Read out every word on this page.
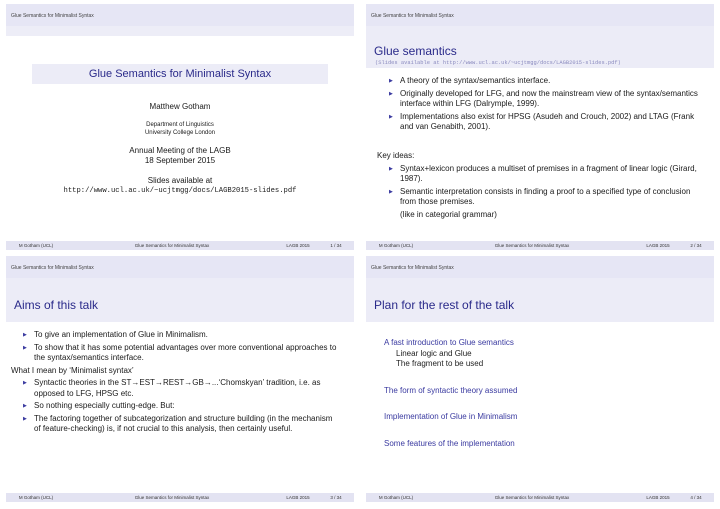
Glue Semantics for Minimalist Syntax
Glue Semantics for Minimalist Syntax
Matthew Gotham
Department of Linguistics
University College London
Annual Meeting of the LAGB
18 September 2015
Slides available at
http://www.ucl.ac.uk/~ucjtmgg/docs/LAGB2015-slides.pdf
M Gotham (UCL)	Glue Semantics for Minimalist Syntax	LAGB 2015	1 / 34
Glue Semantics for Minimalist Syntax
Glue semantics
(Slides available at http://www.ucl.ac.uk/~ucjtmgg/docs/LAGB2015-slides.pdf)
▶ A theory of the syntax/semantics interface.
▶ Originally developed for LFG, and now the mainstream view of the syntax/semantics interface within LFG (Dalrymple, 1999).
▶ Implementations also exist for HPSG (Asudeh and Crouch, 2002) and LTAG (Frank and van Genabith, 2001).
Key ideas:
▶ Syntax+lexicon produces a multiset of premises in a fragment of linear logic (Girard, 1987).
▶ Semantic interpretation consists in finding a proof to a specified type of conclusion from those premises.
(like in categorial grammar)
M Gotham (UCL)	Glue Semantics for Minimalist Syntax	LAGB 2015	2 / 34
Glue Semantics for Minimalist Syntax
Aims of this talk
▶ To give an implementation of Glue in Minimalism.
▶ To show that it has some potential advantages over more conventional approaches to the syntax/semantics interface.
What I mean by ‘Minimalist syntax’
▶ Syntactic theories in the ST→EST→REST→GB→...‘Chomskyan’ tradition, i.e. as opposed to LFG, HPSG etc.
▶ So nothing especially cutting-edge. But:
▶ The factoring together of subcategorization and structure building (in the mechanism of feature-checking) is, if not crucial to this analysis, then certainly useful.
M Gotham (UCL)	Glue Semantics for Minimalist Syntax	LAGB 2015	3 / 34
Glue Semantics for Minimalist Syntax
Plan for the rest of the talk
A fast introduction to Glue semantics
Linear logic and Glue
The fragment to be used
The form of syntactic theory assumed
Implementation of Glue in Minimalism
Some features of the implementation
M Gotham (UCL)	Glue Semantics for Minimalist Syntax	LAGB 2015	4 / 34
